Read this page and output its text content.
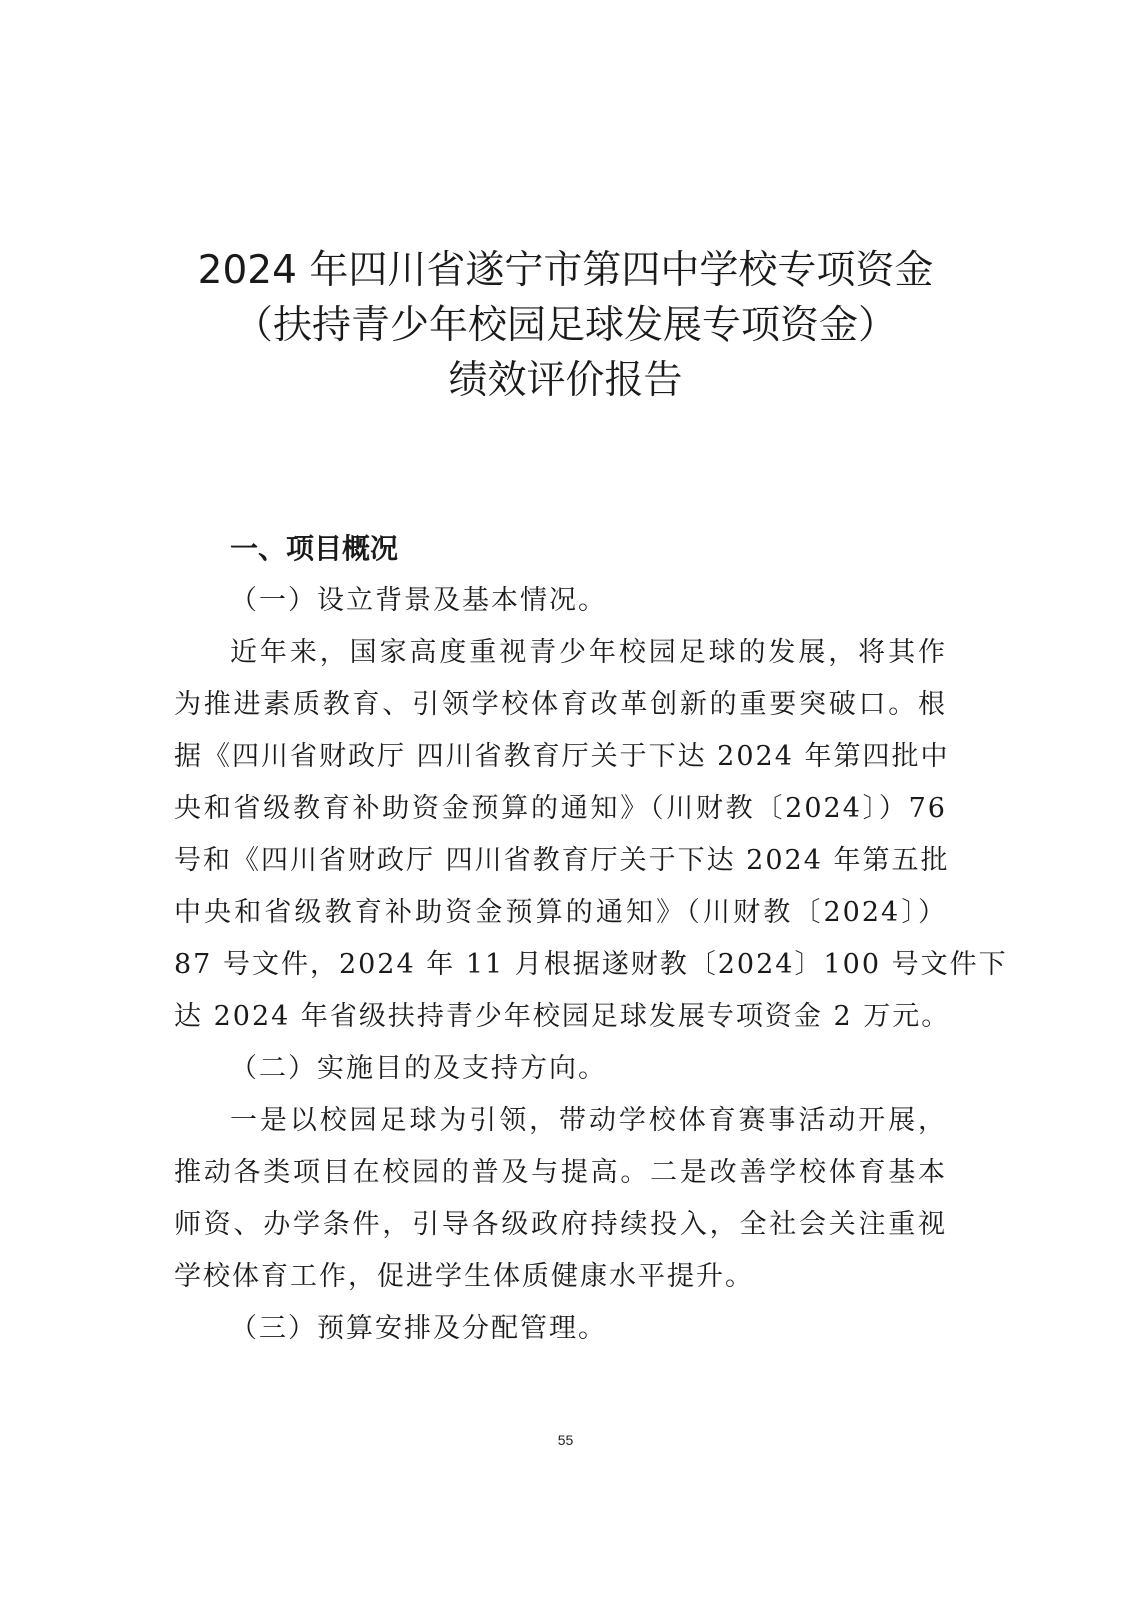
2024 年四川省遂宁市第四中学校专项资金
（扶持青少年校园足球发展专项资金）
绩效评价报告
一、项目概况
（一）设立背景及基本情况。
近年来，国家高度重视青少年校园足球的发展，将其作
为推进素质教育、引领学校体育改革创新的重要突破口。根
据《四川省财政厅 四川省教育厅关于下达 2024 年第四批中
央和省级教育补助资金预算的通知》（川财教〔2024〕）76
号和《四川省财政厅 四川省教育厅关于下达 2024 年第五批
中央和省级教育补助资金预算的通知》（川财教〔2024〕）
87 号文件，2024 年 11 月根据遂财教〔2024〕100 号文件下
达 2024 年省级扶持青少年校园足球发展专项资金 2 万元。
（二）实施目的及支持方向。
一是以校园足球为引领，带动学校体育赛事活动开展，
推动各类项目在校园的普及与提高。二是改善学校体育基本
师资、办学条件，引导各级政府持续投入，全社会关注重视
学校体育工作，促进学生体质健康水平提升。
（三）预算安排及分配管理。
55
